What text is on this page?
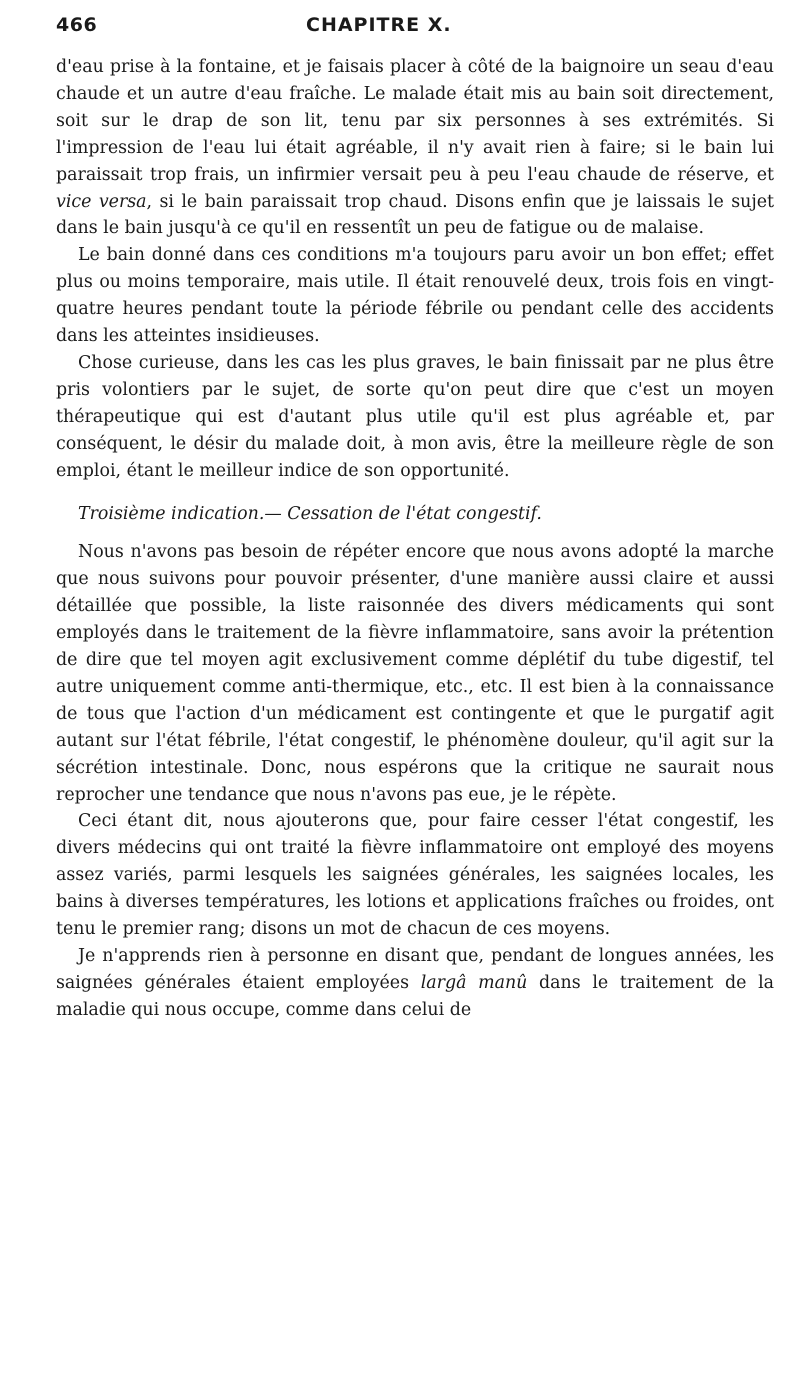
466	CHAPITRE X.

d'eau prise à la fontaine, et je faisais placer à côté de la baignoire un seau d'eau chaude et un autre d'eau fraîche. Le malade était mis au bain soit directement, soit sur le drap de son lit, tenu par six personnes à ses extrémités. Si l'impression de l'eau lui était agréable, il n'y avait rien à faire; si le bain lui paraissait trop frais, un infirmier versait peu à peu l'eau chaude de réserve, et vice versa, si le bain paraissait trop chaud. Disons enfin que je laissais le sujet dans le bain jusqu'à ce qu'il en ressentît un peu de fatigue ou de malaise.

Le bain donné dans ces conditions m'a toujours paru avoir un bon effet; effet plus ou moins temporaire, mais utile. Il était renouvelé deux, trois fois en vingt-quatre heures pendant toute la période fébrile ou pendant celle des accidents dans les atteintes insidieuses.

Chose curieuse, dans les cas les plus graves, le bain finissait par ne plus être pris volontiers par le sujet, de sorte qu'on peut dire que c'est un moyen thérapeutique qui est d'autant plus utile qu'il est plus agréable et, par conséquent, le désir du malade doit, à mon avis, être la meilleure règle de son emploi, étant le meilleur indice de son opportunité.

Troisième indication.— Cessation de l'état congestif.

Nous n'avons pas besoin de répéter encore que nous avons adopté la marche que nous suivons pour pouvoir présenter, d'une manière aussi claire et aussi détaillée que possible, la liste raisonnée des divers médicaments qui sont employés dans le traitement de la fièvre inflammatoire, sans avoir la prétention de dire que tel moyen agit exclusivement comme déplétif du tube digestif, tel autre uniquement comme anti-thermique, etc., etc. Il est bien à la connaissance de tous que l'action d'un médicament est contingente et que le purgatif agit autant sur l'état fébrile, l'état congestif, le phénomène douleur, qu'il agit sur la sécrétion intestinale. Donc, nous espérons que la critique ne saurait nous reprocher une tendance que nous n'avons pas eue, je le répète.

Ceci étant dit, nous ajouterons que, pour faire cesser l'état congestif, les divers médecins qui ont traité la fièvre inflammatoire ont employé des moyens assez variés, parmi lesquels les saignées générales, les saignées locales, les bains à diverses températures, les lotions et applications fraîches ou froides, ont tenu le premier rang; disons un mot de chacun de ces moyens.

Je n'apprends rien à personne en disant que, pendant de longues années, les saignées générales étaient employées largâ manû dans le traitement de la maladie qui nous occupe, comme dans celui de
